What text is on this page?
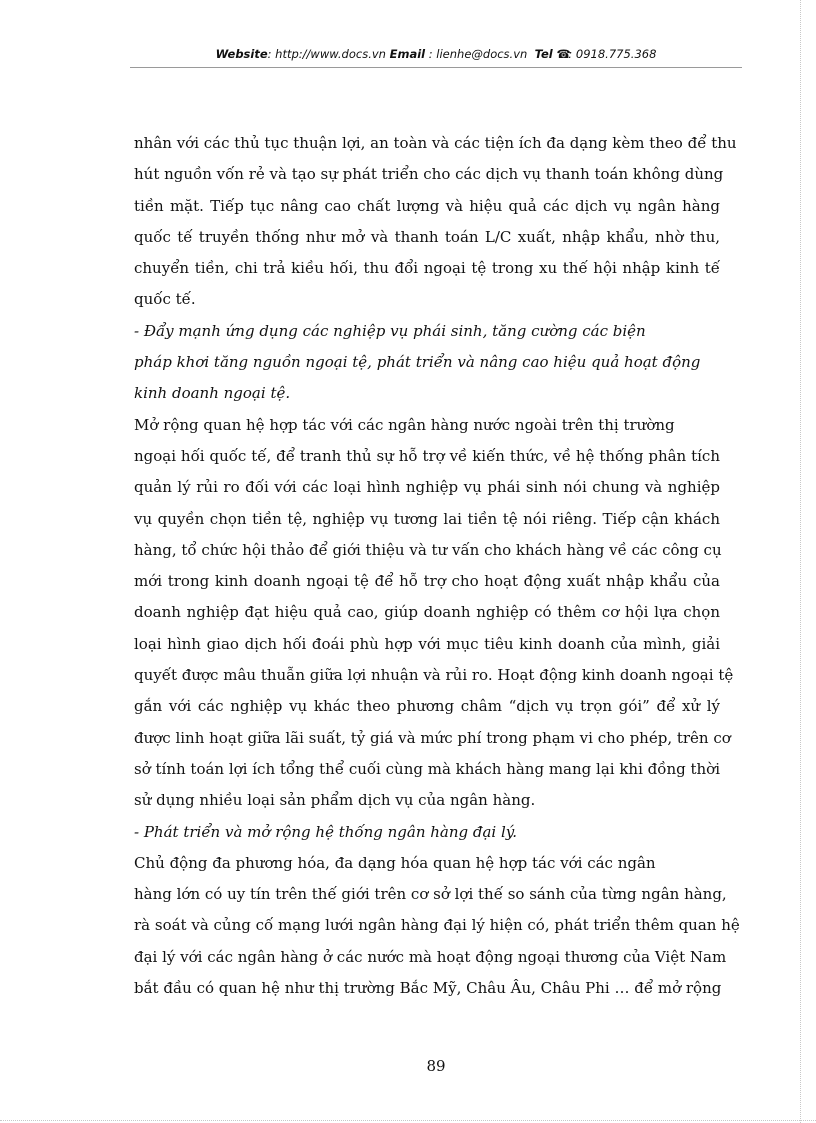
Website: http://www.docs.vn Email : lienhe@docs.vn Tel ☎: 0918.775.368
nhân với các thủ tục thuận lợi, an toàn và các tiện ích đa dạng kèm theo để thu
hút nguồn vốn rẻ và tạo sự phát triển cho các dịch vụ thanh toán không dùng
tiền mặt. Tiếp tục nâng cao chất lượng và hiệu quả các dịch vụ ngân hàng
quốc tế truyền thống như mở và thanh toán L/C xuất, nhập khẩu, nhờ thu,
chuyển tiền, chi trả kiều hối, thu đổi ngoại tệ trong xu thế hội nhập kinh tế
quốc tế.
- Đẩy mạnh ứng dụng các nghiệp vụ phái sinh, tăng cường các biện
pháp khơi tăng nguồn ngoại tệ, phát triển và nâng cao hiệu quả hoạt động
kinh doanh ngoại tệ.
Mở rộng quan hệ hợp tác với các ngân hàng nước ngoài trên thị trường
ngoại hối quốc tế, để tranh thủ sự hỗ trợ về kiến thức, về hệ thống phân tích
quản lý rủi ro đối với các loại hình nghiệp vụ phái sinh nói chung và nghiệp
vụ quyền chọn tiền tệ, nghiệp vụ tương lai tiền tệ nói riêng. Tiếp cận khách
hàng, tổ chức hội thảo để giới thiệu và tư vấn cho khách hàng về các công cụ
mới trong kinh doanh ngoại tệ để hỗ trợ cho hoạt động xuất nhập khẩu của
doanh nghiệp đạt hiệu quả cao, giúp doanh nghiệp có thêm cơ hội lựa chọn
loại hình giao dịch hối đoái phù hợp với mục tiêu kinh doanh của mình, giải
quyết được mâu thuẫn giữa lợi nhuận và rủi ro. Hoạt động kinh doanh ngoại tệ
gắn với các nghiệp vụ khác theo phương châm “dịch vụ trọn gói” để xử lý
được linh hoạt giữa lãi suất, tỷ giá và mức phí trong phạm vi cho phép, trên cơ
sở tính toán lợi ích tổng thể cuối cùng mà khách hàng mang lại khi đồng thời
sử dụng nhiều loại sản phẩm dịch vụ của ngân hàng.
- Phát triển và mở rộng hệ thống ngân hàng đại lý.
Chủ động đa phương hóa, đa dạng hóa quan hệ hợp tác với các ngân
hàng lớn có uy tín trên thế giới trên cơ sở lợi thế so sánh của từng ngân hàng,
rà soát và củng cố mạng lưới ngân hàng đại lý hiện có, phát triển thêm quan hệ
đại lý với các ngân hàng ở các nước mà hoạt động ngoại thương của Việt Nam
bắt đầu có quan hệ như thị trường Bắc Mỹ, Châu Âu, Châu Phi … để mở rộng
89
